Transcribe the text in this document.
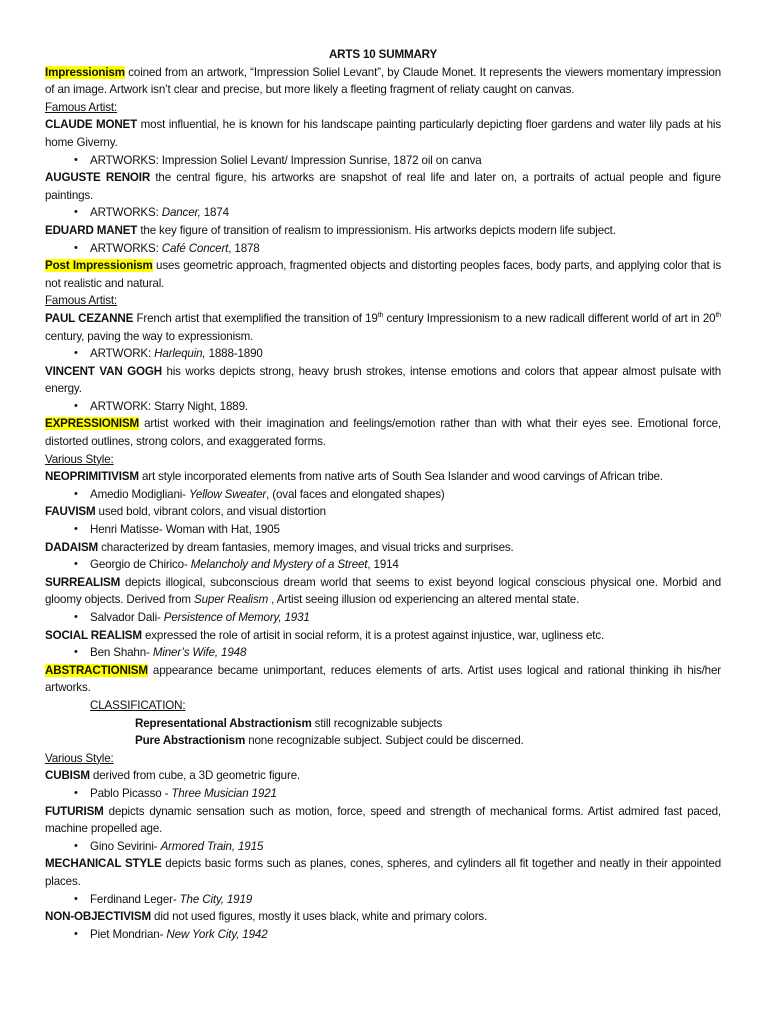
ARTS 10 SUMMARY
Impressionism coined from an artwork, “Impression Soliel Levant”, by Claude Monet. It represents the viewers momentary impression of an image. Artwork isn’t clear and precise, but more likely a fleeting fragment of reliaty caught on canvas.
Famous Artist:
CLAUDE MONET most influential, he is known for his landscape painting particularly depicting floer gardens and water lily pads at his home Giverny.
• ARTWORKS: Impression Soliel Levant/ Impression Sunrise, 1872 oil on canva
AUGUSTE RENOIR the central figure, his artworks are snapshot of real life and later on, a portraits of actual people and figure paintings.
• ARTWORKS: Dancer, 1874
EDUARD MANET the key figure of transition of realism to impressionism. His artworks depicts modern life subject.
• ARTWORKS: Café Concert, 1878
Post Impressionism uses geometric approach, fragmented objects and distorting peoples faces, body parts, and applying color that is not realistic and natural.
Famous Artist:
PAUL CEZANNE French artist that exemplified the transition of 19th century Impressionism to a new radicall different world of art in 20th century, paving the way to expressionism.
• ARTWORK: Harlequin, 1888-1890
VINCENT VAN GOGH his works depicts strong, heavy brush strokes, intense emotions and colors that appear almost pulsate with energy.
• ARTWORK: Starry Night, 1889.
EXPRESSIONISM artist worked with their imagination and feelings/emotion rather than with what their eyes see. Emotional force, distorted outlines, strong colors, and exaggerated forms.
Various Style:
NEOPRIMITIVISM art style incorporated elements from native arts of South Sea Islander and wood carvings of African tribe.
• Amedio Modigliani- Yellow Sweater, (oval faces and elongated shapes)
FAUVISM used bold, vibrant colors, and visual distortion
• Henri Matisse- Woman with Hat, 1905
DADAISM characterized by dream fantasies, memory images, and visual tricks and surprises.
• Georgio de Chirico- Melancholy and Mystery of a Street, 1914
SURREALISM depicts illogical, subconscious dream world that seems to exist beyond logical conscious physical one. Morbid and gloomy objects. Derived from Super Realism , Artist seeing illusion od experiencing an altered mental state.
• Salvador Dali- Persistence of Memory, 1931
SOCIAL REALISM expressed the role of artisit in social reform, it is a protest against injustice, war, ugliness etc.
• Ben Shahn- Miner’s Wife, 1948
ABSTRACTIONISM appearance became unimportant, reduces elements of arts. Artist uses logical and rational thinking ih his/her artworks.
CLASSIFICATION:
Representational Abstractionism still recognizable subjects
Pure Abstractionism none recognizable subject. Subject could be discerned.
Various Style:
CUBISM derived from cube, a 3D geometric figure.
• Pablo Picasso - Three Musician 1921
FUTURISM depicts dynamic sensation such as motion, force, speed and strength of mechanical forms. Artist admired fast paced, machine propelled age.
• Gino Sevirini- Armored Train, 1915
MECHANICAL STYLE depicts basic forms such as planes, cones, spheres, and cylinders all fit together and neatly in their appointed places.
• Ferdinand Leger- The City, 1919
NON-OBJECTIVISM did not used figures, mostly it uses black, white and primary colors.
• Piet Mondrian- New York City, 1942
